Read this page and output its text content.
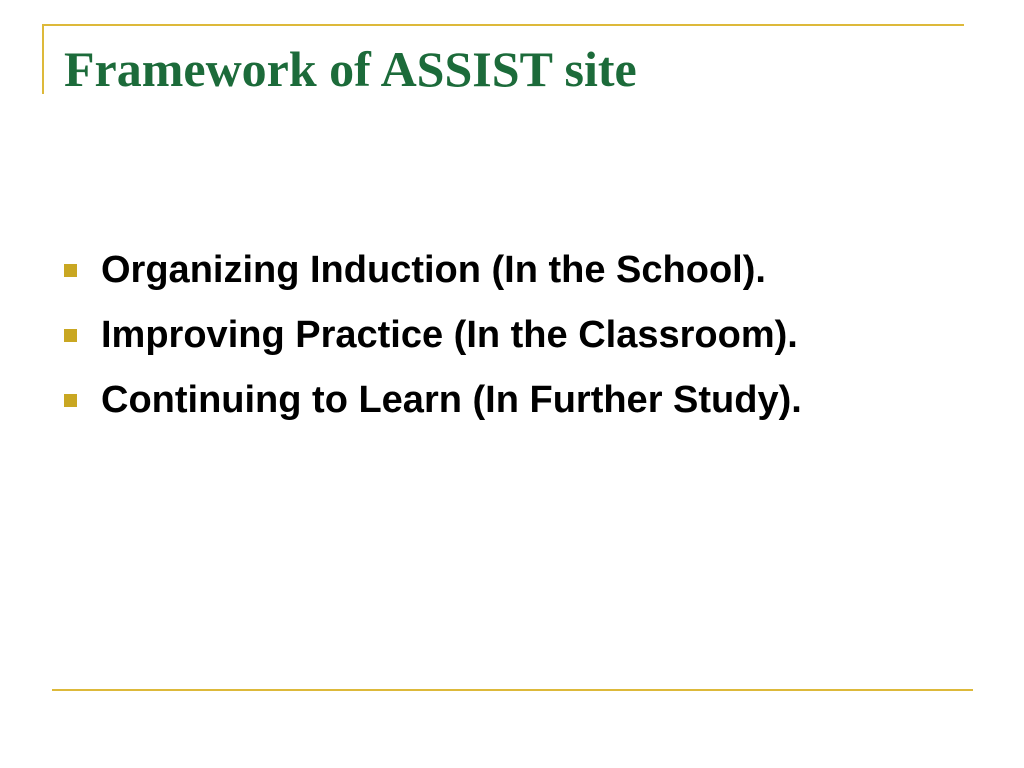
Framework of ASSIST site
Organizing Induction (In the School).
Improving Practice (In the Classroom).
Continuing to Learn (In Further Study).
